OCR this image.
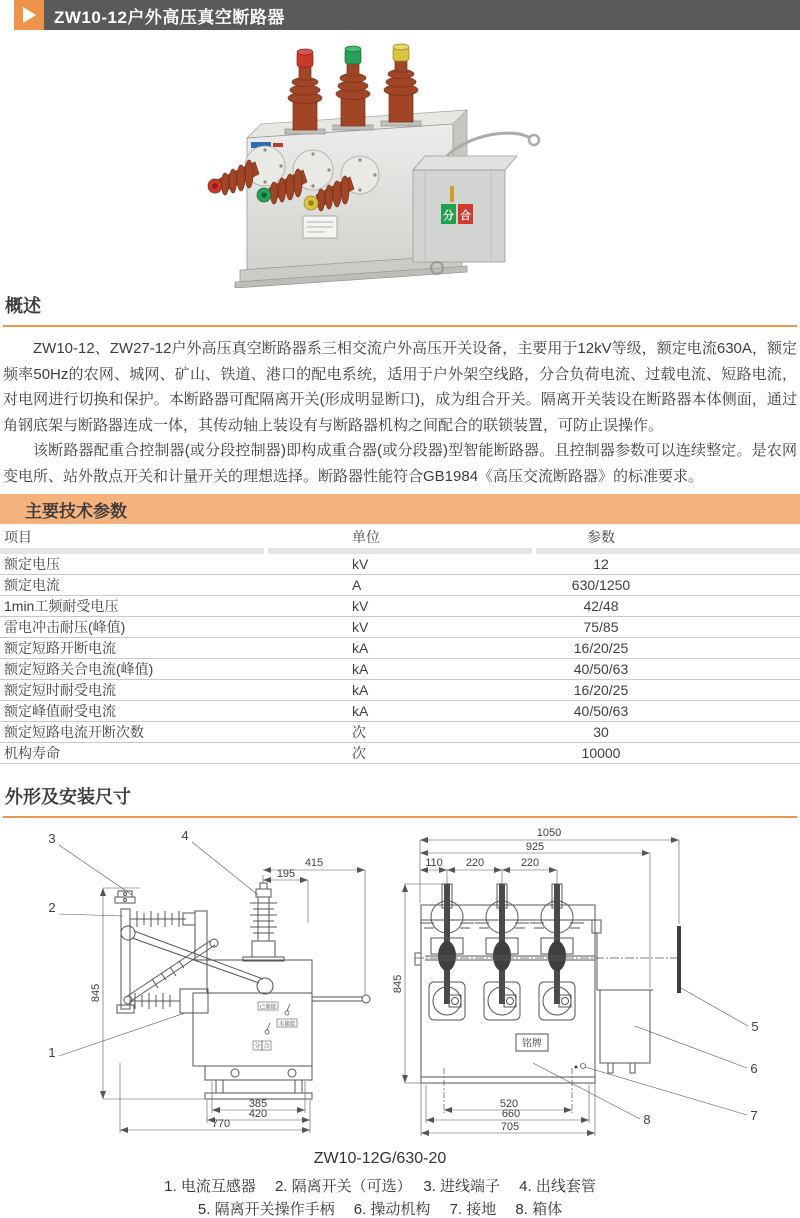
ZW10-12户外高压真空断路器
分 合
概述

ZW10-12、ZW27-12户外高压真空断路器系三相交流户外高压开关设备，主要用于12kV等级，额定电流630A，额定频率50Hz的农网、城网、矿山、铁道、港口的配电系统，适用于户外架空线路，分合负荷电流、过载电流、短路电流，对电网进行切换和保护。本断路器可配隔离开关(形成明显断口)，成为组合开关。隔离开关装设在断路器本体侧面，通过角钢底架与断路器连成一体，其传动轴上装设有与断路器机构之间配合的联锁装置，可防止误操作。

该断路器配重合控制器(或分段控制器)即构成重合器(或分段器)型智能断路器。且控制器参数可以连续整定。是农网变电所、站外散点开关和计量开关的理想选择。断路器性能符合GB1984《高压交流断路器》的标准要求。

主要技术参数
项目	单位	参数
额定电压	kV	12
额定电流	A	630/1250
1min工频耐受电压	kV	42/48
雷电冲击耐压(峰值)	kV	75/85
额定短路开断电流	kA	16/20/25
额定短路关合电流(峰值)	kA	40/50/63
额定短时耐受电流	kA	16/20/25
额定峰值耐受电流	kA	40/50/63
额定短路电流开断次数	次	30
机构寿命	次	10000
外形及安装尺寸
已储能
未储能
分 合
415
195
845
385
420
770
3	4
2
1
铭牌
1050
925
110 220	220
845
520
660
705
5
6
7
8

ZW10-12G/630-20

1. 电流互感器　 2. 隔离开关（可选）　 3. 进线端子　 4. 出线套管

5. 隔离开关操作手柄　 6. 操动机构　 7. 接地　 8. 箱体
